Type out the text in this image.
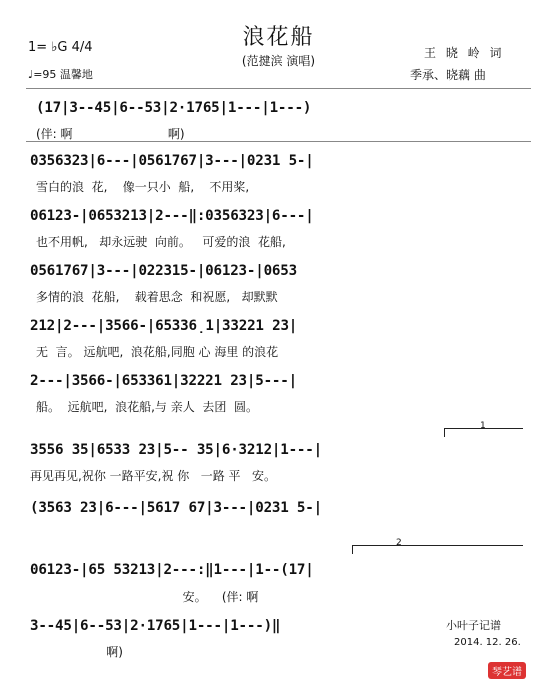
浪花船
(范揵滨 演唱)
1= ♭G 4/4
♩=95 温馨地
王 晓 岭 词
季承、晓藕 曲
(17|3--45|6--53|2·1765|1---|1---)
(伴: 啊                         啊)
0356323|6---|0561767|3---|0231 5-|
雪白的浪  花,    像一只小  船,    不用桨,
06123-|0653213|2---‖:0356323|6---|
也不用帆,   却永远驶  向前。   可爱的浪  花船,
0561767|3---|022315-|06123-|0653
多情的浪  花船,    载着思念  和祝愿,   却默默
212|2---|3566-|65336̣1|33221 23|
无  言。 远航吧,  浪花船,同胞 心 海里 的浪花
2---|3566-|653361|32221 23|5---|
船。  远航吧,  浪花船,与 亲人  去团  圆。
1
3556 35|6533 23|5-- 35|6·3212|1---|
再见再见,祝你 一路平安,祝 你   一路 平   安。
(3563 23|6---|5617 67|3---|0231 5-|
2
06123-|65 53213|2---:‖1---|1--(17|
安。    (伴: 啊
3--45|6--53|2·1765|1---|1---)‖
啊)
小叶子记谱
2014. 12. 26.
琴艺谱
